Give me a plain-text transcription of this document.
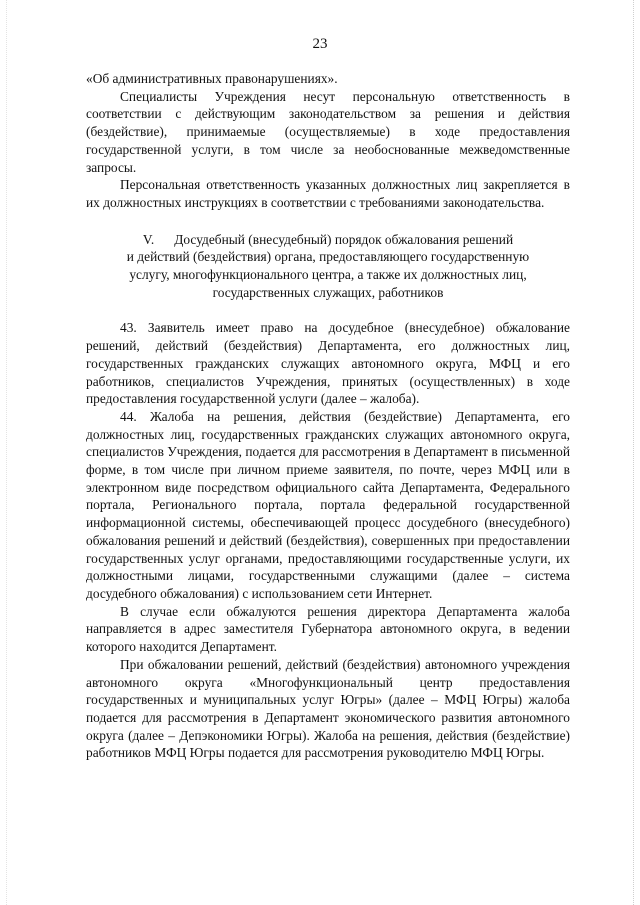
23

«Об административных правонарушениях».

Специалисты Учреждения несут персональную ответственность в соответствии с действующим законодательством за решения и действия (бездействие), принимаемые (осуществляемые) в ходе предоставления государственной услуги, в том числе за необоснованные межведомственные запросы.

Персональная ответственность указанных должностных лиц закрепляется в их должностных инструкциях в соответствии с требованиями законодательства.

V.      Досудебный (внесудебный) порядок обжалования решений
и действий (бездействия) органа, предоставляющего государственную
услугу, многофункционального центра, а также их должностных лиц,
государственных служащих, работников

43. Заявитель имеет право на досудебное (внесудебное) обжалование решений, действий (бездействия) Департамента, его должностных лиц, государственных гражданских служащих автономного округа, МФЦ и его работников, специалистов Учреждения, принятых (осуществленных) в ходе предоставления государственной услуги (далее – жалоба).

44. Жалоба на решения, действия (бездействие) Департамента, его должностных лиц, государственных гражданских служащих автономного округа, специалистов Учреждения, подается для рассмотрения в Департамент в письменной форме, в том числе при личном приеме заявителя, по почте, через МФЦ или в электронном виде посредством официального сайта Департамента, Федерального портала, Регионального портала, портала федеральной государственной информационной системы, обеспечивающей процесс досудебного (внесудебного) обжалования решений и действий (бездействия), совершенных при предоставлении государственных услуг органами, предоставляющими государственные услуги, их должностными лицами, государственными служащими (далее – система досудебного обжалования) с использованием сети Интернет.

В случае если обжалуются решения директора Департамента жалоба направляется в адрес заместителя Губернатора автономного округа, в ведении которого находится Департамент.

При обжаловании решений, действий (бездействия) автономного учреждения автономного округа «Многофункциональный центр предоставления государственных и муниципальных услуг Югры» (далее – МФЦ Югры) жалоба подается для рассмотрения в Департамент экономического развития автономного округа (далее – Депэкономики Югры). Жалоба на решения, действия (бездействие) работников МФЦ Югры подается для рассмотрения руководителю МФЦ Югры.
